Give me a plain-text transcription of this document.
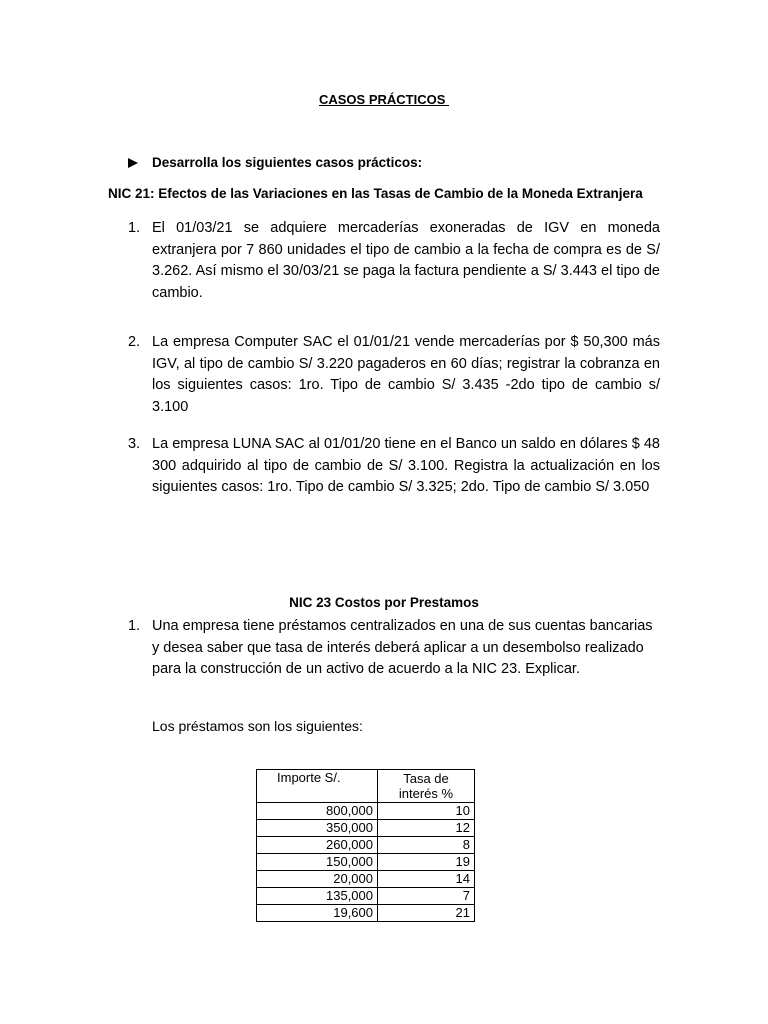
CASOS PRÁCTICOS
Desarrolla los siguientes casos prácticos:
NIC 21: Efectos de las Variaciones en las Tasas de Cambio de la Moneda Extranjera
1. El 01/03/21 se adquiere mercaderías exoneradas de IGV en moneda extranjera por 7 860 unidades el tipo de cambio a la fecha de compra es de S/ 3.262. Así mismo el 30/03/21 se paga la factura pendiente a S/ 3.443 el tipo de cambio.
2. La empresa Computer SAC el 01/01/21 vende mercaderías por $ 50,300 más IGV, al tipo de cambio S/ 3.220 pagaderos en 60 días; registrar la cobranza en los siguientes casos: 1ro. Tipo de cambio S/ 3.435 -2do tipo de cambio s/ 3.100
3. La empresa LUNA SAC al 01/01/20 tiene en el Banco un saldo en dólares $ 48 300 adquirido al tipo de cambio de S/ 3.100. Registra la actualización en los siguientes casos: 1ro. Tipo de cambio S/ 3.325; 2do. Tipo de cambio S/ 3.050
NIC 23 Costos por Prestamos
1. Una empresa tiene préstamos centralizados en una de sus cuentas bancarias y desea saber que tasa de interés deberá aplicar a un desembolso realizado para la construcción de un activo de acuerdo a la NIC 23. Explicar.
Los préstamos son los siguientes:
Importe S/.	Tasa de interés %
800,000	10
350,000	12
260,000	8
150,000	19
20,000	14
135,000	7
19,600	21
